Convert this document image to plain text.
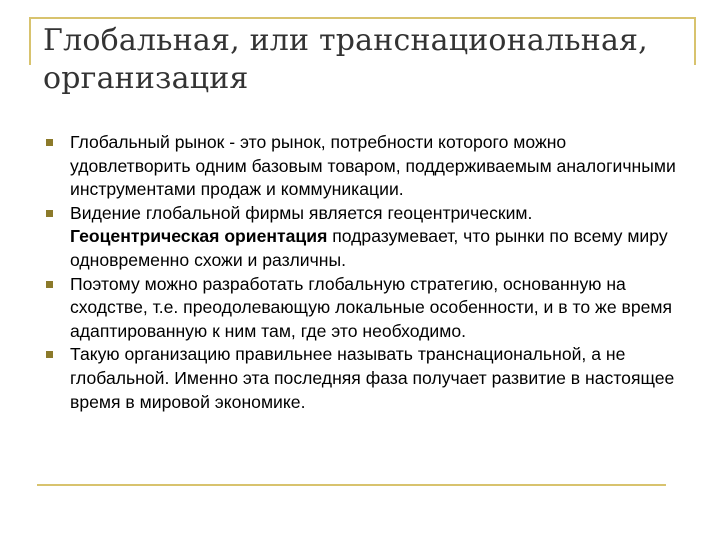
Глобальная, или транснациональная, организация
Глобальный рынок - это рынок, потребности которого можно удовлетворить одним базовым товаром, поддерживаемым аналогичными инструментами продаж и коммуникации.
Видение глобальной фирмы является геоцентрическим. Геоцентрическая ориентация подразумевает, что рынки по всему миру одновременно схожи и различны.
Поэтому можно разработать глобальную стратегию, основанную на сходстве, т.е. преодолевающую локальные особенности, и в то же время адаптированную к ним там, где это необходимо.
Такую организацию правильнее называть транснациональной, а не глобальной. Именно эта последняя фаза получает развитие в настоящее время в мировой экономике.
